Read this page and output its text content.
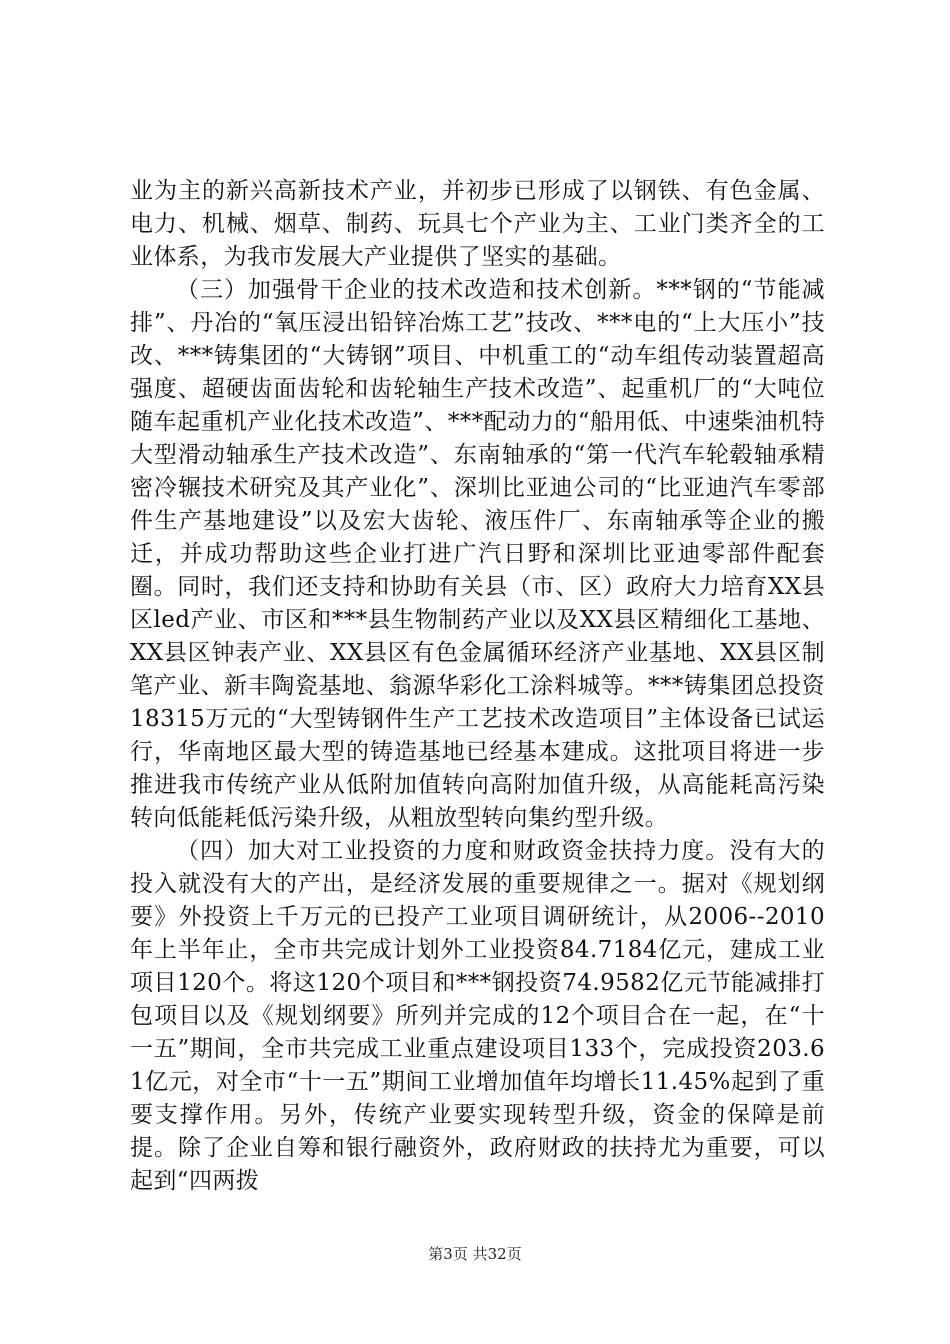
业为主的新兴高新技术产业，并初步已形成了以钢铁、有色金属、电力、机械、烟草、制药、玩具七个产业为主、工业门类齐全的工业体系，为我市发展大产业提供了坚实的基础。

（三）加强骨干企业的技术改造和技术创新。***钢的“节能减排”、丹冶的“氧压浸出铅锌冶炼工艺”技改、***电的“上大压小”技改、***铸集团的“大铸钢”项目、中机重工的“动车组传动装置超高强度、超硬齿面齿轮和齿轮轴生产技术改造”、起重机厂的“大吨位随车起重机产业化技术改造”、***配动力的“船用低、中速柴油机特大型滑动轴承生产技术改造”、东南轴承的“第一代汽车轮毂轴承精密冷辗技术研究及其产业化”、深圳比亚迪公司的“比亚迪汽车零部件生产基地建设”以及宏大齿轮、液压件厂、东南轴承等企业的搬迁，并成功帮助这些企业打进广汽日野和深圳比亚迪零部件配套圈。同时，我们还支持和协助有关县（市、区）政府大力培育XX县区led产业、市区和***县生物制药产业以及XX县区精细化工基地、XX县区钟表产业、XX县区有色金属循环经济产业基地、XX县区制笔产业、新丰陶瓷基地、翁源华彩化工涂料城等。***铸集团总投资18315万元的“大型铸钢件生产工艺技术改造项目”主体设备已试运行，华南地区最大型的铸造基地已经基本建成。这批项目将进一步推进我市传统产业从低附加值转向高附加值升级，从高能耗高污染转向低能耗低污染升级，从粗放型转向集约型升级。

（四）加大对工业投资的力度和财政资金扶持力度。没有大的投入就没有大的产出，是经济发展的重要规律之一。据对《规划纲要》外投资上千万元的已投产工业项目调研统计，从2006--2010年上半年止，全市共完成计划外工业投资84.7184亿元，建成工业项目120个。将这120个项目和***钢投资74.9582亿元节能减排打包项目以及《规划纲要》所列并完成的12个项目合在一起，在“十一五”期间，全市共完成工业重点建设项目133个，完成投资203.61亿元，对全市“十一五”期间工业增加值年均增长11.45%起到了重要支撑作用。另外，传统产业要实现转型升级，资金的保障是前提。除了企业自筹和银行融资外，政府财政的扶持尤为重要，可以起到“四两拨

第3页 共32页
